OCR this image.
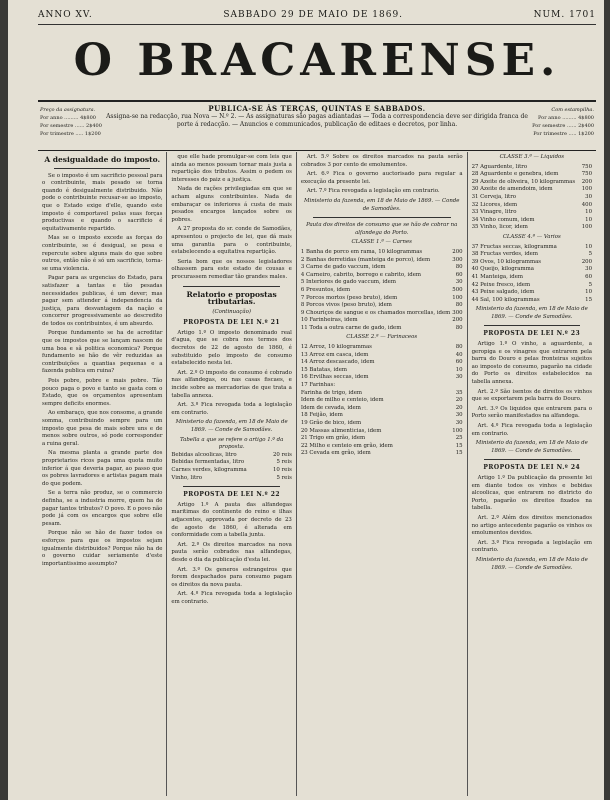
ANNO XV.	SABBADO 29 DE MAIO DE 1869.	NUM. 1701
O BRACARENSE.
Preço da assignatura.
Por anno ......... 4$800
Por semestre ...... 2$400
Por trimestre ..... 1$200
PUBLICA-SE ÁS TERÇAS, QUINTAS E SABBADOS.
Assigna-se na redacção, rua Nova — N.º 2. — As assignaturas são pagas adiantadas — Toda a correspondencia deve ser dirigida franca de porte á redacção. — Anuncios e communicados, publicação de editaes e decretos, por linha.
Com estampilha.
Por anno ......... 4$800
Por semestre ...... 2$400
Por trimestre ..... 1$200
A desigualdade do imposto.

Se o imposto é um sacrificio pessoal para o contribuinte, mais pesado se torna quando é desigualmente distribuido. Não pode o contribuinte recusar-se ao imposto, que o Estado exige d'elle, quando este imposto é comportavel pelas suas forças productivas e quando o sacrificio é equitativamente repartido.

Mas se o imposto excede as forças do contribuinte, se é desigual, se pesa e repercute sobre alguns mais do que sobre outros, então não é só um sacrificio, torna-se uma violencia.

Pagar para as urgencias do Estado, para satisfazer a tantas e tão pesadas necessidades publicas, é um dever; mas pagar sem attender á independencia da justiça, para desvantagem da nação e concorrer progressivamente ao descredito de todos os contribuintes, é um absurdo.

Porque fundamento se ha de acreditar que os impostos que se lançam nascem de uma boa e sã politica economica? Porque fundamento se hão de vêr reduzidas as contribuições a quantias pequenas e a fazenda publica em ruina?

Pois pobre, pobre e mais pobre. Tão pouco paga o povo e tanto se gasta com o Estado, que os orçamentos apresentam sempre deficits enormes.

Ao embaraço, que nos consome, a grande somma, contribuindo sempre para um imposto que pesa de mais sobre uns e de menos sobre outros, só pode corresponder a ruina geral.

Na mesma planta a grande parte dos proprietarios ricos paga uma quota muito inferior á que deveria pagar, ao passo que os pobres lavradores e artistas pagam mais do que podem.

Se a terra não produz, se o commercio definha, se a industria morre, quem ha de pagar tantos tributos? O povo. E o povo não pode já com os encargos que sobre elle pesam.

Porque não se hão de fazer todos os esforços para que os impostos sejam igualmente distribuidos? Porque não ha de o governo cuidar seriamente d'este importantissimo assumpto?

que elle hade promulgar-se com leis que ainda ao menos possam tornar mais justa a repartição dos tributos. Assim o pedem os interesses do paiz e a justiça.

Nada de rações privilegiadas em que se acham alguns contribuintes. Nada de embaraçar os inferiores á custa de mais pesados encargos lançados sobre os pobres.

A 27 proposta do sr. conde de Samodães, apresentou o projecto de lei, que dá mais uma garantia para o contribuinte, estabelecendo a equitativa repartição.

Seria bom que os nossos legisladores olhassem para este estado de cousas e procurassem remediar tão grandes males.

Relatorio e propostas tributarias.
(Continuação)
PROPOSTA DE LEI N.º 21

Artigo 1.º O imposto denominado real d'agua, que se cobra nos termos dos decretos de 22 de agosto de 1860, é substituido pelo imposto de consumo estabelecido nesta lei.

Art. 2.º O imposto de consumo é cobrado nas alfandegas, ou nas casas fiscaes, e incide sobre as mercadorias de que trata a tabella annexa.

Art. 3.º Fica revogada toda a legislação em contrario.

Ministerio da fazenda, em 18 de Maio de 1869. — Conde de Samodães.

Tabella a que se refere o artigo 1.º da proposta.
Bebidas alcoolicas, litro	20 reis
Bebidas fermentadas, litro	5 reis
Carnes verdes, kilogramma	10 reis
Vinho, litro	5 reis
PROPOSTA DE LEI N.º 22

Artigo 1.º A pauta das alfandegas maritimas do continente do reino e ilhas adjacentes, approvada por decreto de 23 de agosto de 1860, é alterada em conformidade com a tabella junta.

Art. 2.º Os direitos marcados na nova pauta serão cobrados nas alfandegas, desde o dia da publicação d'esta lei.

Art. 3.º Os generos estrangeiros que forem despachados para consumo pagam os direitos da nova pauta.

Art. 4.º Fica revogada toda a legislação em contrario.

Art. 5.º Sobre os direitos marcados na pauta serão cobrados 3 por cento de emolumentos.

Art. 6.º Fica o governo auctorisado para regular a execução da presente lei.

Art. 7.º Fica revogada a legislação em contrario.

Ministerio da fazenda, em 18 de Maio de 1869. — Conde de Samodães.

Pauta dos direitos de consumo que se hão de cobrar na alfandega do Porto.
CLASSE 1.ª — Carnes
1 Banha de porco em rama, 10 kilogrammas	200
2 Banhas derretidas (manteiga de porco), idem	300
3 Carne de gado vaccum, idem	80
4 Carneiro, cabrito, borrego e cabrito, idem	60
5 Interiores de gado vaccum, idem	30
6 Presuntos, idem	500
7 Porcos mortos (peso bruto), idem	100
8 Porcos vivos (peso bruto), idem	80
9 Chouriços de sangue e os chamados morcellas, idem 300
10 Farinheiras, idem	200
11 Toda a outra carne de gado, idem	80
CLASSE 2.ª — Farinaceos
12 Arroz, 10 kilogrammas	80
13 Arroz em casca, idem	40
14 Arroz descascado, idem	60
15 Batatas, idem	10
16 Ervilhas seccas, idem	30
17 Farinhas:
Farinha de trigo, idem	35
Idem de milho e centeio, idem	20
Idem de cevada, idem	20
18 Feijão, idem	30
19 Grão de bico, idem	30
20 Massas alimenticias, idem	100
21 Trigo em grão, idem	25
22 Milho e centeio em grão, idem	15
23 Cevada em grão, idem	15
CLASSE 3.ª — Liquidos
27 Aguardente, litro	750
28 Aguardente e genebra, idem	750
29 Azeite de oliveira, 10 kilogrammas	200
30 Azeite de amendoim, idem	100
31 Cerveja, litro	30
32 Licores, idem	400
33 Vinagre, litro	10
34 Vinho comum, idem	10
35 Vinho, licor, idem	100
CLASSE 4.ª — Varios
37 Fructas seccas, kilogramma	10
38 Fructas verdes, idem	5
39 Ovos, 10 kilogrammas	200
40 Queijo, kilogramma	30
41 Manteiga, idem	60
42 Peixe fresco, idem	5
43 Peixe salgado, idem	10
44 Sal, 100 kilogrammas	15

Ministerio da fazenda, em 18 de Maio de 1869. — Conde de Samodães.

PROPOSTA DE LEI N.º 23

Artigo 1.º O vinho, a aguardente, a geropiga e os vinagres que entrarem pela barra do Douro e pelas fronteiras sujeitos ao imposto de consumo, pagarão na cidade do Porto os direitos estabelecidos na tabella annexa.

Art. 2.º São isentos de direitos os vinhos que se exportarem pela barra do Douro.

Art. 3.º Os liquidos que entrarem para o Porto serão manifestados na alfandega.

Art. 4.º Fica revogada toda a legislação em contrario.

Ministerio da fazenda, em 18 de Maio de 1869. — Conde de Samodães.

PROPOSTA DE LEI N.º 24

Artigo 1.º Da publicação da presente lei em diante todos os vinhos e bebidas alcoolicas, que entrarem no districto do Porto, pagarão os direitos fixados na tabella.

Art. 2.º Além dos direitos mencionados no artigo antecedente pagarão os vinhos os emolumentos devidos.

Art. 3.º Fica revogada a legislação em contrario.

Ministerio da fazenda, em 18 de Maio de 1869. — Conde de Samodães.
